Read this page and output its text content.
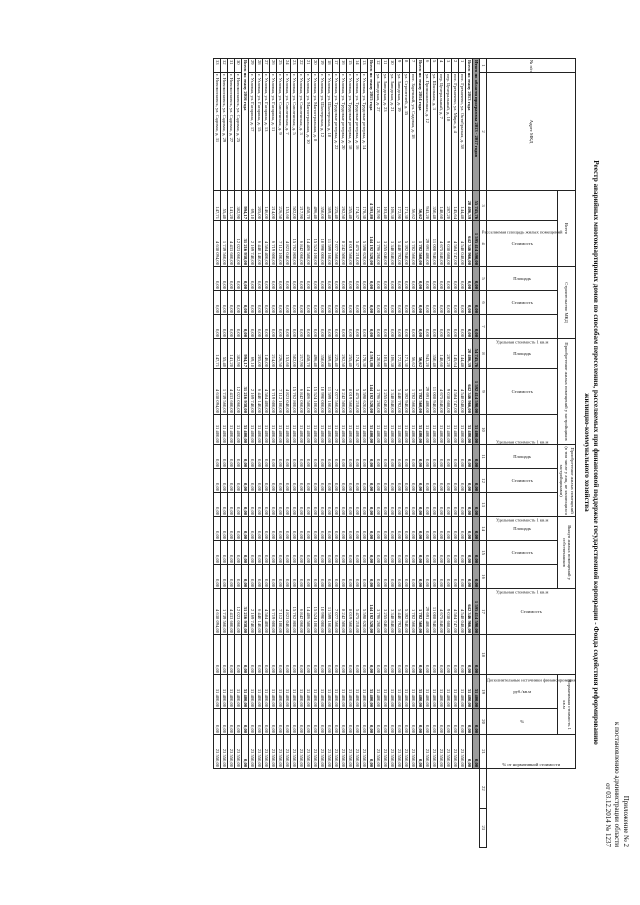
Приложение № 2
к постановлению администрации области
от 03.12.2014 № 1237
Реестр аварийных многоквартирных домов по способам переселения, расселяемых при финансовой поддержке государственной корпорации - Фонда содействия реформированию
жилищно-коммунального хозяйства
№ п/п	Адрес МКД	Всего		Строительство МКД			Приобретение жилых помещений у застройщиков			Приобретение жилых помещений (в том числе у лиц, не являющихся застройщиками)			Выкуп жилых помещений у собственников			Стоимость	Дополнительные источники финансирования	Нормативная стоимость 1 кв.м		% от нормативной стоимости		
		Расселяемая площадь жилых помещений	Стоимость	Площадь	Стоимость	Удельная стоимость 1 кв.м	Площадь	Стоимость	Удельная стоимость 1 кв.м	Площадь	Стоимость	Удельная стоимость 1 кв.м	Площадь	Стоимость	Удельная стоимость 1 кв.м			руб./кв.м	%			
1	2	3	4	5	6	7	8	9	10	11	12	13	14	15	16	17	18	19	20	21	22	23
Итого по области программы 2013 - 2017 годов		55 745,76	1 595 414 590,00	0,00	0,00	0,00	54 745,76	1 592 414 590,00	31 400,00	0,00	0,00	0,00	0,00	0,00	0,00	1 595 414 590,00	0,00	31 400,00	0,00	0,00		
Всего по этапу 2013 года		20 406,39	642 346 966,00	0,00	0,00	0,00	20 406,39	642 346 966,00	31 480,00	0,00	0,00	0,00	0,00	0,00	0,00	642 346 966,00	0,00	31 480,00	0,00	0,00		
1	пос. Гремячево, ул. Октябрьская, д. 38	144,48	4 548 048,00	0,00	0,00	0,00	144,48	4 548 048,00	31 480,00	0,00	0,00	0,00	0,00	0,00	0,00	4 548 048,00	0,00	31 480,00	0,00	23 550,00		
2	пос. Гремячево, ул. Мира, д. 4	145,64	4 584 747,00	0,00	0,00	0,00	145,64	4 584 747,00	31 480,00	0,00	0,00	0,00	0,00	0,00	0,00	4 584 747,00	0,00	31 480,00	0,00	23 550,00		
3	пер. Центральный, д. 18	287,20	9 038 688,00	0,00	0,00	0,00	287,20	9 038 688,00	31 480,00	0,00	0,00	0,00	0,00	0,00	0,00	9 038 688,00	0,00	31 480,00	0,00	23 550,00		
4	пер. Центральный, д. 7	148,60	4 675 840,00	0,00	0,00	0,00	148,60	4 675 840,00	31 480,00	0,00	0,00	0,00	0,00	0,00	0,00	4 675 840,00	0,00	31 480,00	0,00	23 550,00		
5	ул. Школьная, д. 3	350,48	11 008 940,00	0,00	0,00	0,00	350,48	11 008 940,00	31 480,00	0,00	0,00	0,00	0,00	0,00	0,00	11 008 940,00	0,00	31 480,00	0,00	23 550,00		
6	ул. Промышленная, д. 12	943,20	29 691 480,00	0,00	0,00	0,00	943,20	29 691 480,00	31 480,00	0,00	0,00	0,00	0,00	0,00	0,00	29 691 480,00	0,00	31 480,00	0,00	23 550,00		
Всего по этапу 2014 года		56,62	1 782 560,00	0,00	0,00	0,00	56,62	1 782 560,00	31 480,00	0,00	0,00	0,00	0,00	0,00	0,00	1 782 560,00	0,00	31 480,00	0,00	0,00		
7	пос. Заречный, ул. Садовая, д. 18	56,62	1 782 560,00	0,00	0,00	0,00	56,62	1 782 560,00	31 480,00	0,00	0,00	0,00	0,00	0,00	0,00	1 782 560,00	0,00	31 480,00	0,00	23 550,00		
8	ул. Строителей, д. 35	171,30	5 392 940,00	0,00	0,00	0,00	171,30	5 392 940,00	31 480,00	0,00	0,00	0,00	0,00	0,00	0,00	5 392 940,00	0,00	31 480,00	0,00	23 550,00		
9	ул. Заводская, д. 19	172,90	5 440 792,00	0,00	0,00	0,00	172,90	5 440 792,00	31 480,00	0,00	0,00	0,00	0,00	0,00	0,00	5 440 792,00	0,00	31 480,00	0,00	23 550,00		
10	ул. Заводская, д. 21	106,38	3 348 840,00	0,00	0,00	0,00	106,38	3 348 840,00	31 480,00	0,00	0,00	0,00	0,00	0,00	0,00	3 348 840,00	0,00	31 480,00	0,00	23 550,00		
11	ул. Заводская, д. 23	103,40	3 255 040,00	0,00	0,00	0,00	103,40	3 255 040,00	31 480,00	0,00	0,00	0,00	0,00	0,00	0,00	3 255 040,00	0,00	31 480,00	0,00	23 550,00		
12	ул. Заводская, д. 27	120,90	3 796 260,00	0,00	0,00	0,00	120,90	3 796 260,00	31 480,00	0,00	0,00	0,00	0,00	0,00	0,00	3 796 260,00	0,00	31 480,00	0,00	23 550,00		
Всего по этапу 2015 года		4 591,80	144 192 520,00	0,00	0,00	0,00	4 591,80	144 192 520,00	31 400,00	0,00	0,00	0,00	0,00	0,00	0,00	144 192 520,00	0,00	31 400,00	0,00	0,00		
13	г. Узловая, ул. Трудовые резервы, д. 14	178,30	5 598 620,00	0,00	0,00	0,00	178,30	5 598 620,00	31 400,00	0,00	0,00	0,00	0,00	0,00	0,00	5 598 620,00	0,00	31 400,00	0,00	23 550,00		
14	г. Узловая, ул. Трудовые резервы, д. 16	174,37	5 475 218,00	0,00	0,00	0,00	174,37	5 475 218,00	31 400,00	0,00	0,00	0,00	0,00	0,00	0,00	5 475 218,00	0,00	31 400,00	0,00	23 550,00		
15	г. Узловая, ул. Трудовые резервы, д. 18	255,40	8 019 560,00	0,00	0,00	0,00	255,40	8 019 560,00	31 400,00	0,00	0,00	0,00	0,00	0,00	0,00	8 019 560,00	0,00	31 400,00	0,00	23 550,00		
16	г. Узловая, ул. Трудовые резервы, д. 20	262,50	8 242 500,00	0,00	0,00	0,00	262,50	8 242 500,00	31 400,00	0,00	0,00	0,00	0,00	0,00	0,00	8 242 500,00	0,00	31 400,00	0,00	23 550,00		
17	г. Узловая, ул. Трудовые резервы, д. 22	225,40	7 077 560,00	0,00	0,00	0,00	225,40	7 077 560,00	31 400,00	0,00	0,00	0,00	0,00	0,00	0,00	7 077 560,00	0,00	31 400,00	0,00	23 550,00		
18	г. Узловая, ул. Шахтерская, д. 10	369,40	11 599 160,00	0,00	0,00	0,00	369,40	11 599 160,00	31 400,00	0,00	0,00	0,00	0,00	0,00	0,00	11 599 160,00	0,00	31 400,00	0,00	23 550,00		
19	г. Узловая, ул. Шахтерская, д. 12	350,00	10 990 000,00	0,00	0,00	0,00	350,00	10 990 000,00	31 400,00	0,00	0,00	0,00	0,00	0,00	0,00	10 990 000,00	0,00	31 400,00	0,00	23 550,00		
20	г. Узловая, ул. Магистральная, д. 8	496,40	15 524 100,00	0,00	0,00	0,00	496,40	15 524 100,00	31 400,00	0,00	0,00	0,00	0,00	0,00	0,00	15 524 100,00	0,00	31 400,00	0,00	23 550,00		
21	г. Узловая, ул. Магистральная, д. 10	458,70	14 406 580,00	0,00	0,00	0,00	458,70	14 406 580,00	31 400,00	0,00	0,00	0,00	0,00	0,00	0,00	14 406 580,00	0,00	31 400,00	0,00	23 550,00		
22	г. Узловая, ул. Смоленская, д. 3	217,90	6 842 060,00	0,00	0,00	0,00	217,90	6 842 060,00	31 400,00	0,00	0,00	0,00	0,00	0,00	0,00	6 842 060,00	0,00	31 400,00	0,00	23 550,00		
23	г. Узловая, ул. Смоленская, д. 5	502,00	15 762 800,00	0,00	0,00	0,00	502,00	15 762 800,00	31 400,00	0,00	0,00	0,00	0,00	0,00	0,00	15 762 800,00	0,00	31 400,00	0,00	23 550,00		
24	г. Узловая, ул. Смоленская, д. 7	153,60	4 823 040,00	0,00	0,00	0,00	153,60	4 823 040,00	31 400,00	0,00	0,00	0,00	0,00	0,00	0,00	4 823 040,00	0,00	31 400,00	0,00	23 550,00		
25	г. Узловая, ул. Смоленская, д. 9	226,50	7 112 100,00	0,00	0,00	0,00	226,50	7 112 100,00	31 400,00	0,00	0,00	0,00	0,00	0,00	0,00	7 112 100,00	0,00	31 400,00	0,00	23 550,00		
26	г. Узловая, ул. Гагарина, д. 11	214,00	6 719 600,00	0,00	0,00	0,00	214,00	6 719 600,00	31 400,00	0,00	0,00	0,00	0,00	0,00	0,00	6 719 600,00	0,00	31 400,00	0,00	23 550,00		
27	г. Узловая, ул. Гагарина, д. 13	146,00	4 584 400,00	0,00	0,00	0,00	146,00	4 584 400,00	31 400,00	0,00	0,00	0,00	0,00	0,00	0,00	4 584 400,00	0,00	31 400,00	0,00	23 550,00		
28	г. Узловая, ул. Гагарина, д. 15	205,00	6 440 140,00	0,00	0,00	0,00	205,00	6 440 140,00	31 400,00	0,00	0,00	0,00	0,00	0,00	0,00	6 440 140,00	0,00	31 400,00	0,00	23 550,00		
29	г. Узловая, ул. Гагарина, д. 17	69,10	2 169 740,00	0,00	0,00	0,00	69,10	2 169 740,00	31 400,00	0,00	0,00	0,00	0,00	0,00	0,00	2 169 740,00	0,00	31 400,00	0,00	23 550,00		
Всего по этапу 2016 года		994,17	31 216 938,00	0,00	0,00	0,00	994,17	31 216 938,00	31 400,00	0,00	0,00	0,00	0,00	0,00	0,00	31 216 938,00	0,00	31 400,00	0,00	0,00		
30	г. Новомосковск, ул. Садовая, д. 25	382,90	12 023 060,00	0,00	0,00	0,00	382,90	12 023 060,00	31 400,00	0,00	0,00	0,00	0,00	0,00	0,00	12 023 060,00	0,00	31 400,00	0,00	23 550,00		
31	г. Новомосковск, ул. Садовая, д. 27	141,20	4 433 680,00	0,00	0,00	0,00	141,20	4 433 680,00	31 400,00	0,00	0,00	0,00	0,00	0,00	0,00	4 433 680,00	0,00	31 400,00	0,00	23 550,00		
32	г. Новомосковск, ул. Садовая, д. 29	55,40	1 739 560,00	0,00	0,00	0,00	55,40	1 739 560,00	31 400,00	0,00	0,00	0,00	0,00	0,00	0,00	1 739 560,00	0,00	31 400,00	0,00	23 550,00		
33	г. Новомосковск, ул. Садовая, д. 31	147,71	4 638 094,00	0,00	0,00	0,00	147,71	4 638 094,00	31 400,00	0,00	0,00	0,00	0,00	0,00	0,00	4 638 094,00	0,00	31 400,00	0,00	23 550,00		
